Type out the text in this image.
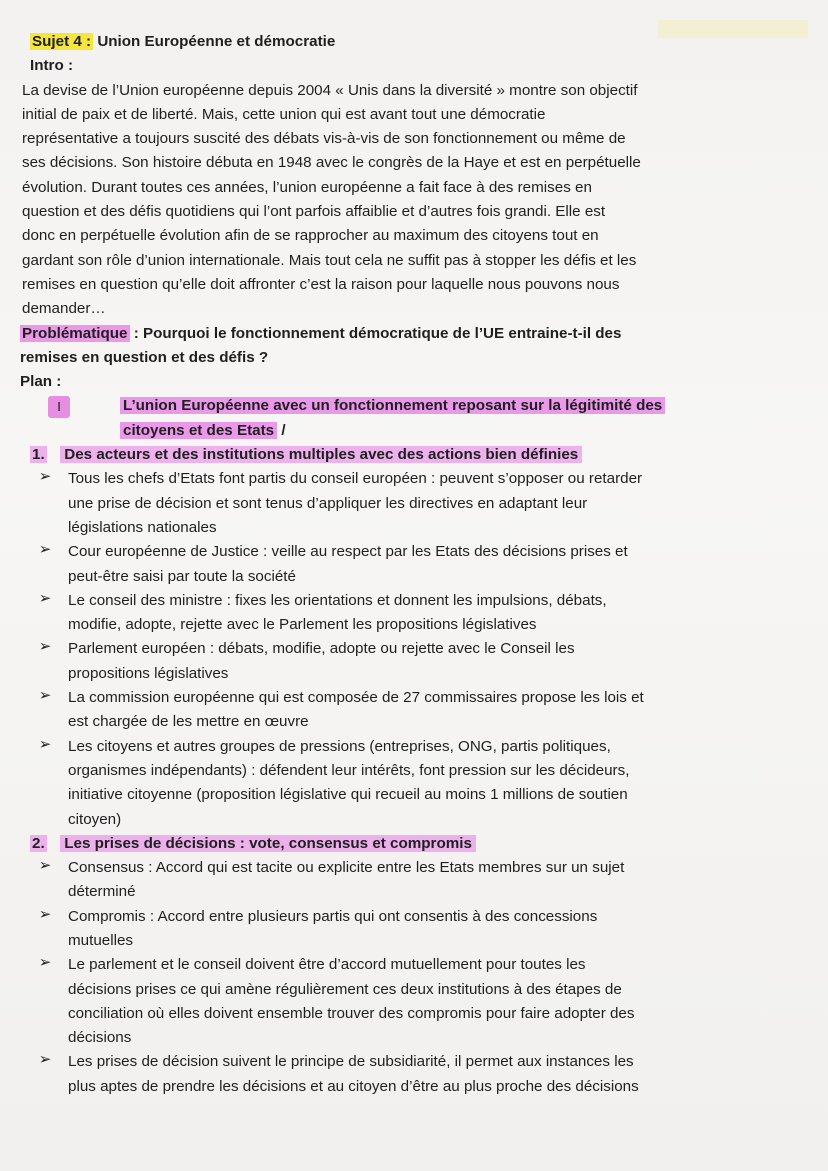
Sujet 4 : Union Européenne et démocratie
Intro :
La devise de l’Union européenne depuis 2004 « Unis dans la diversité » montre son objectif
initial de paix et de liberté. Mais, cette union qui est avant tout une démocratie
représentative a toujours suscité des débats vis-à-vis de son fonctionnement ou même de
ses décisions. Son histoire débuta en 1948 avec le congrès de la Haye et est en perpétuelle
évolution. Durant toutes ces années, l’union européenne a fait face à des remises en
question et des défis quotidiens qui l’ont parfois affaiblie et d’autres fois grandi. Elle est
donc en perpétuelle évolution afin de se rapprocher au maximum des citoyens tout en
gardant son rôle d’union internationale. Mais tout cela ne suffit pas à stopper les défis et les
remises en question qu’elle doit affronter c’est la raison pour laquelle nous pouvons nous
demander…
Problématique : Pourquoi le fonctionnement démocratique de l’UE entraine-t-il des
remises en question et des défis ?
Plan :
I	L’union Européenne avec un fonctionnement reposant sur la légitimité des
citoyens et des Etats /
1. Des acteurs et des institutions multiples avec des actions bien définies
➢	Tous les chefs d’Etats font partis du conseil européen : peuvent s’opposer ou retarder
une prise de décision et sont tenus d’appliquer les directives en adaptant leur
législations nationales
➢	Cour européenne de Justice : veille au respect par les Etats des décisions prises et
peut-être saisi par toute la société
➢	Le conseil des ministre : fixes les orientations et donnent les impulsions, débats,
modifie, adopte, rejette avec le Parlement les propositions législatives
➢	Parlement européen : débats, modifie, adopte ou rejette avec le Conseil les
propositions législatives
➢	La commission européenne qui est composée de 27 commissaires propose les lois et
est chargée de les mettre en œuvre
➢	Les citoyens et autres groupes de pressions (entreprises, ONG, partis politiques,
organismes indépendants) : défendent leur intérêts, font pression sur les décideurs,
initiative citoyenne (proposition législative qui recueil au moins 1 millions de soutien
citoyen)
2. Les prises de décisions : vote, consensus et compromis
➢	Consensus : Accord qui est tacite ou explicite entre les Etats membres sur un sujet
déterminé
➢	Compromis : Accord entre plusieurs partis qui ont consentis à des concessions
mutuelles
➢	Le parlement et le conseil doivent être d’accord mutuellement pour toutes les
décisions prises ce qui amène régulièrement ces deux institutions à des étapes de
conciliation où elles doivent ensemble trouver des compromis pour faire adopter des
décisions
➢	Les prises de décision suivent le principe de subsidiarité, il permet aux instances les
plus aptes de prendre les décisions et au citoyen d’être au plus proche des décisions
